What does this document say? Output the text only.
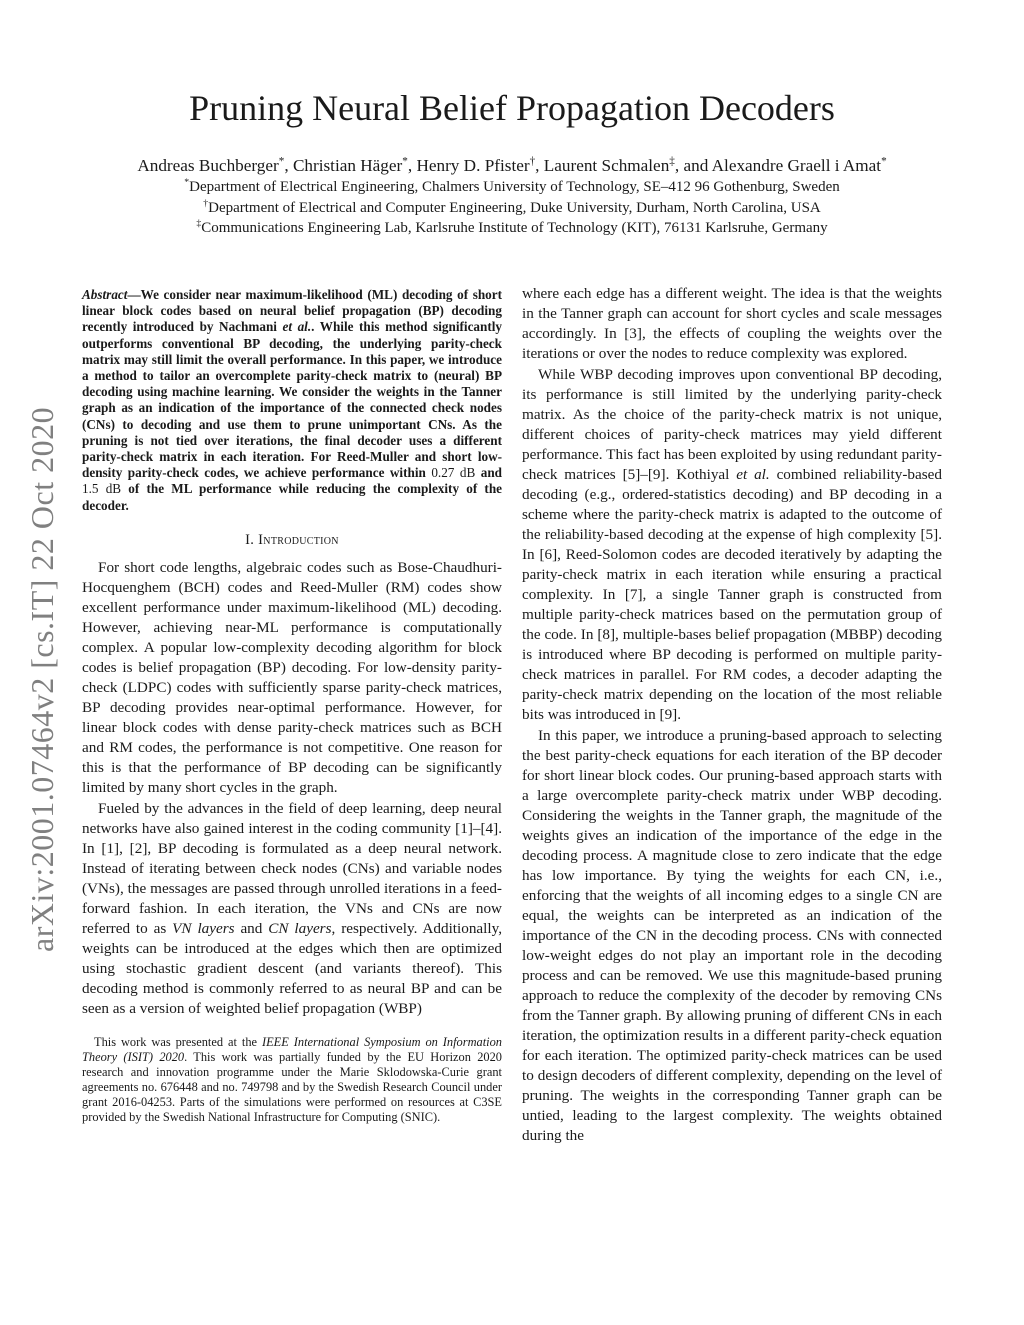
arXiv:2001.07464v2 [cs.IT] 22 Oct 2020
Pruning Neural Belief Propagation Decoders
Andreas Buchberger*, Christian Häger*, Henry D. Pfister†, Laurent Schmalen‡, and Alexandre Graell i Amat*
*Department of Electrical Engineering, Chalmers University of Technology, SE–412 96 Gothenburg, Sweden
†Department of Electrical and Computer Engineering, Duke University, Durham, North Carolina, USA
‡Communications Engineering Lab, Karlsruhe Institute of Technology (KIT), 76131 Karlsruhe, Germany

Abstract—We consider near maximum-likelihood (ML) decoding of short linear block codes based on neural belief propagation (BP) decoding recently introduced by Nachmani et al.. While this method significantly outperforms conventional BP decoding, the underlying parity-check matrix may still limit the overall performance. In this paper, we introduce a method to tailor an overcomplete parity-check matrix to (neural) BP decoding using machine learning. We consider the weights in the Tanner graph as an indication of the importance of the connected check nodes (CNs) to decoding and use them to prune unimportant CNs. As the pruning is not tied over iterations, the final decoder uses a different parity-check matrix in each iteration. For Reed-Muller and short low-density parity-check codes, we achieve performance within 0.27 dB and 1.5 dB of the ML performance while reducing the complexity of the decoder.

I. Introduction

For short code lengths, algebraic codes such as Bose-Chaudhuri-Hocquenghem (BCH) codes and Reed-Muller (RM) codes show excellent performance under maximum-likelihood (ML) decoding. However, achieving near-ML performance is computationally complex. A popular low-complexity decoding algorithm for block codes is belief propagation (BP) decoding. For low-density parity-check (LDPC) codes with sufficiently sparse parity-check matrices, BP decoding provides near-optimal performance. However, for linear block codes with dense parity-check matrices such as BCH and RM codes, the performance is not competitive. One reason for this is that the performance of BP decoding can be significantly limited by many short cycles in the graph.

Fueled by the advances in the field of deep learning, deep neural networks have also gained interest in the coding community [1]–[4]. In [1], [2], BP decoding is formulated as a deep neural network. Instead of iterating between check nodes (CNs) and variable nodes (VNs), the messages are passed through unrolled iterations in a feed-forward fashion. In each iteration, the VNs and CNs are now referred to as VN layers and CN layers, respectively. Additionally, weights can be introduced at the edges which then are optimized using stochastic gradient descent (and variants thereof). This decoding method is commonly referred to as neural BP and can be seen as a version of weighted belief propagation (WBP)

This work was presented at the IEEE International Symposium on Information Theory (ISIT) 2020. This work was partially funded by the EU Horizon 2020 research and innovation programme under the Marie Sklodowska-Curie grant agreements no. 676448 and no. 749798 and by the Swedish Research Council under grant 2016-04253. Parts of the simulations were performed on resources at C3SE provided by the Swedish National Infrastructure for Computing (SNIC).

where each edge has a different weight. The idea is that the weights in the Tanner graph can account for short cycles and scale messages accordingly. In [3], the effects of coupling the weights over the iterations or over the nodes to reduce complexity was explored.

While WBP decoding improves upon conventional BP decoding, its performance is still limited by the underlying parity-check matrix. As the choice of the parity-check matrix is not unique, different choices of parity-check matrices may yield different performance. This fact has been exploited by using redundant parity-check matrices [5]–[9]. Kothiyal et al. combined reliability-based decoding (e.g., ordered-statistics decoding) and BP decoding in a scheme where the parity-check matrix is adapted to the outcome of the reliability-based decoding at the expense of high complexity [5]. In [6], Reed-Solomon codes are decoded iteratively by adapting the parity-check matrix in each iteration while ensuring a practical complexity. In [7], a single Tanner graph is constructed from multiple parity-check matrices based on the permutation group of the code. In [8], multiple-bases belief propagation (MBBP) decoding is introduced where BP decoding is performed on multiple parity-check matrices in parallel. For RM codes, a decoder adapting the parity-check matrix depending on the location of the most reliable bits was introduced in [9].

In this paper, we introduce a pruning-based approach to selecting the best parity-check equations for each iteration of the BP decoder for short linear block codes. Our pruning-based approach starts with a large overcomplete parity-check matrix under WBP decoding. Considering the weights in the Tanner graph, the magnitude of the weights gives an indication of the importance of the edge in the decoding process. A magnitude close to zero indicate that the edge has low importance. By tying the weights for each CN, i.e., enforcing that the weights of all incoming edges to a single CN are equal, the weights can be interpreted as an indication of the importance of the CN in the decoding process. CNs with connected low-weight edges do not play an important role in the decoding process and can be removed. We use this magnitude-based pruning approach to reduce the complexity of the decoder by removing CNs from the Tanner graph. By allowing pruning of different CNs in each iteration, the optimization results in a different parity-check equation for each iteration. The optimized parity-check matrices can be used to design decoders of different complexity, depending on the level of pruning. The weights in the corresponding Tanner graph can be untied, leading to the largest complexity. The weights obtained during the
